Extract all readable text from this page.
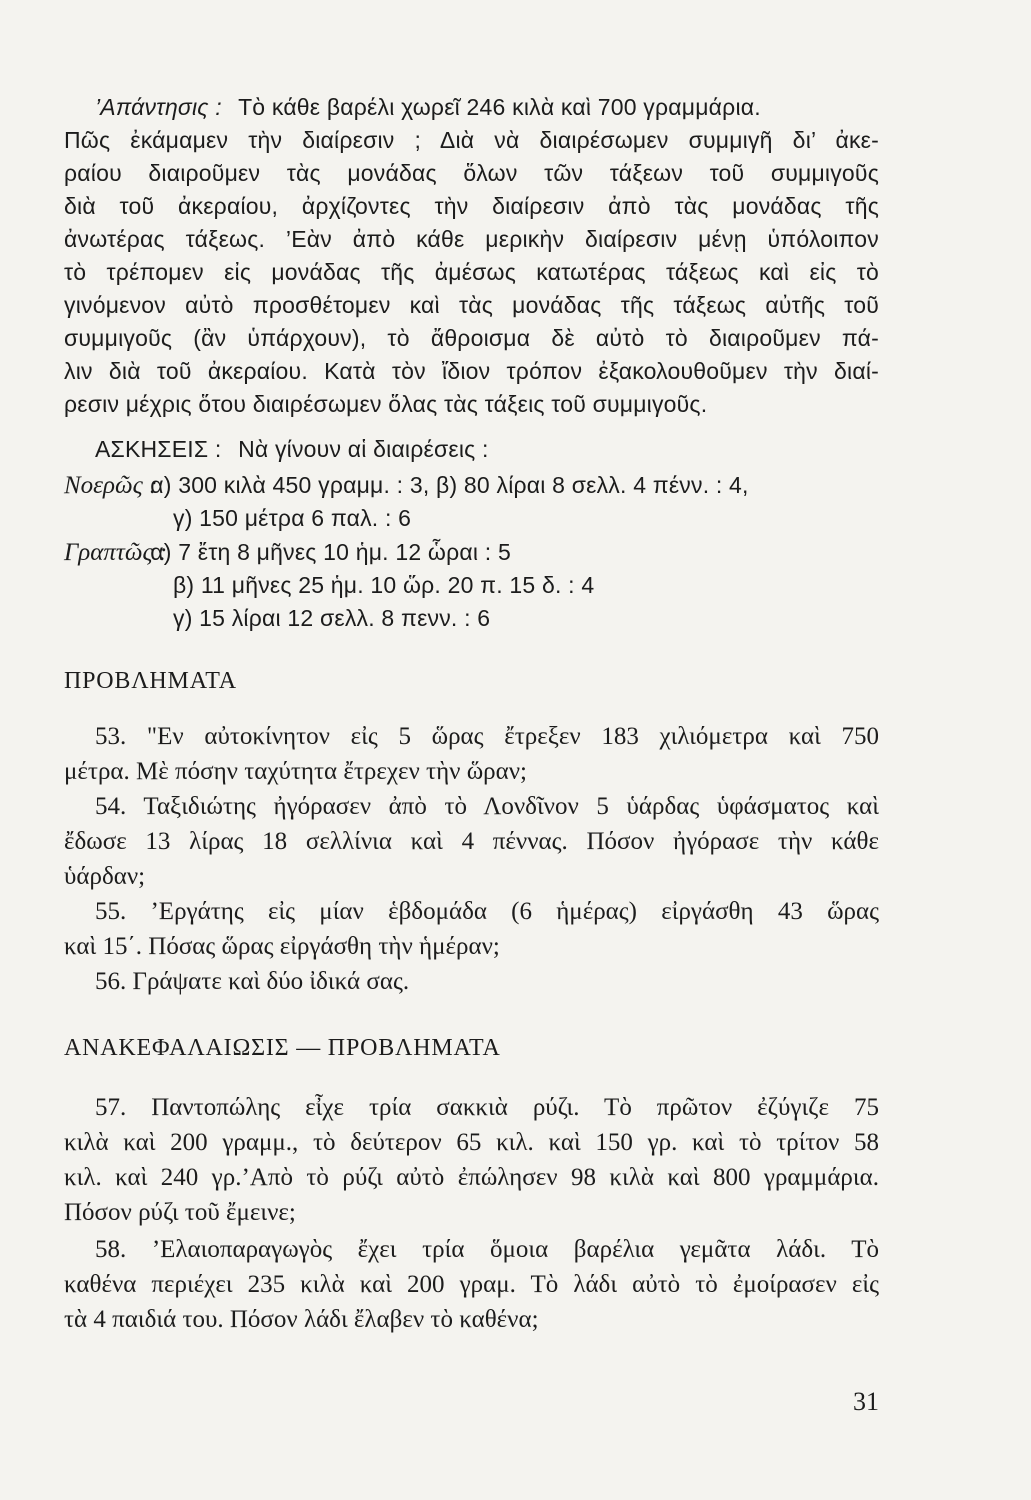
’Απάντησις : Τὸ κάθε βαρέλι χωρεῖ 246 κιλὰ καὶ 700 γραμμάρια.
Πῶς ἐκάμαμεν τὴν διαίρεσιν ; Διὰ νὰ διαιρέσωμεν συμμιγῆ δι’ ἀκε-
ραίου διαιροῦμεν τὰς μονάδας ὅλων τῶν τάξεων τοῦ συμμιγοῦς
διὰ τοῦ ἀκεραίου, ἀρχίζοντες τὴν διαίρεσιν ἀπὸ τὰς μονάδας τῆς
ἀνωτέρας τάξεως. ’Εὰν ἀπὸ κάθε μερικὴν διαίρεσιν μένῃ ὑπόλοιπον
τὸ τρέπομεν εἰς μονάδας τῆς ἀμέσως κατωτέρας τάξεως καὶ εἰς τὸ
γινόμενον αὐτὸ προσθέτομεν καὶ τὰς μονάδας τῆς τάξεως αὐτῆς τοῦ
συμμιγοῦς (ἂν ὑπάρχουν), τὸ ἄθροισμα δὲ αὐτὸ τὸ διαιροῦμεν πά-
λιν διὰ τοῦ ἀκεραίου. Κατὰ τὸν ἴδιον τρόπον ἐξακολουθοῦμεν τὴν διαί-
ρεσιν μέχρις ὅτου διαιρέσωμεν ὅλας τὰς τάξεις τοῦ συμμιγοῦς.
ΑΣΚΗΣΕΙΣ : Νὰ γίνουν αἱ διαιρέσεις :
Νοερῶς : α) 300 κιλὰ 450 γραμμ. : 3, β) 80 λίραι 8 σελλ. 4 πένν. : 4,
γ) 150 μέτρα 6 παλ. : 6
Γραπτῶς : α) 7 ἔτη 8 μῆνες 10 ἡμ. 12 ὧραι : 5
β) 11 μῆνες 25 ἡμ. 10 ὥρ. 20 π. 15 δ. : 4
γ) 15 λίραι 12 σελλ. 8 πενν. : 6
ΠΡΟΒΛΗΜΑΤΑ
53. "Εν αὐτοκίνητον εἰς 5 ὥρας ἔτρεξεν 183 χιλιόμετρα καὶ 750
μέτρα. Μὲ πόσην ταχύτητα ἔτρεχεν τὴν ὥραν;
54. Ταξιδιώτης ἠγόρασεν ἀπὸ τὸ Λονδῖνον 5 ὑάρδας ὑφάσματος καὶ
ἔδωσε 13 λίρας 18 σελλίνια καὶ 4 πέννας. Πόσον ἠγόρασε τὴν κάθε
ὑάρδαν;
55. ’Εργάτης εἰς μίαν ἑβδομάδα (6 ἡμέρας) εἰργάσθη 43 ὥρας
καὶ 15΄. Πόσας ὥρας εἰργάσθη τὴν ἡμέραν;
56. Γράψατε καὶ δύο ἰδικά σας.
ΑΝΑΚΕΦΑΛΑΙΩΣΙΣ — ΠΡΟΒΛΗΜΑΤΑ
57. Παντοπώλης εἶχε τρία σακκιὰ ρύζι. Τὸ πρῶτον ἐζύγιζε 75
κιλὰ καὶ 200 γραμμ., τὸ δεύτερον 65 κιλ. καὶ 150 γρ. καὶ τὸ τρίτον 58
κιλ. καὶ 240 γρ.’Απὸ τὸ ρύζι αὐτὸ ἐπώλησεν 98 κιλὰ καὶ 800 γραμμάρια.
Πόσον ρύζι τοῦ ἔμεινε;
58. ’Ελαιοπαραγωγὸς ἔχει τρία ὅμοια βαρέλια γεμᾶτα λάδι. Τὸ
καθένα περιέχει 235 κιλὰ καὶ 200 γραμ. Τὸ λάδι αὐτὸ τὸ ἐμοίρασεν εἰς
τὰ 4 παιδιά του. Πόσον λάδι ἔλαβεν τὸ καθένα;
31
